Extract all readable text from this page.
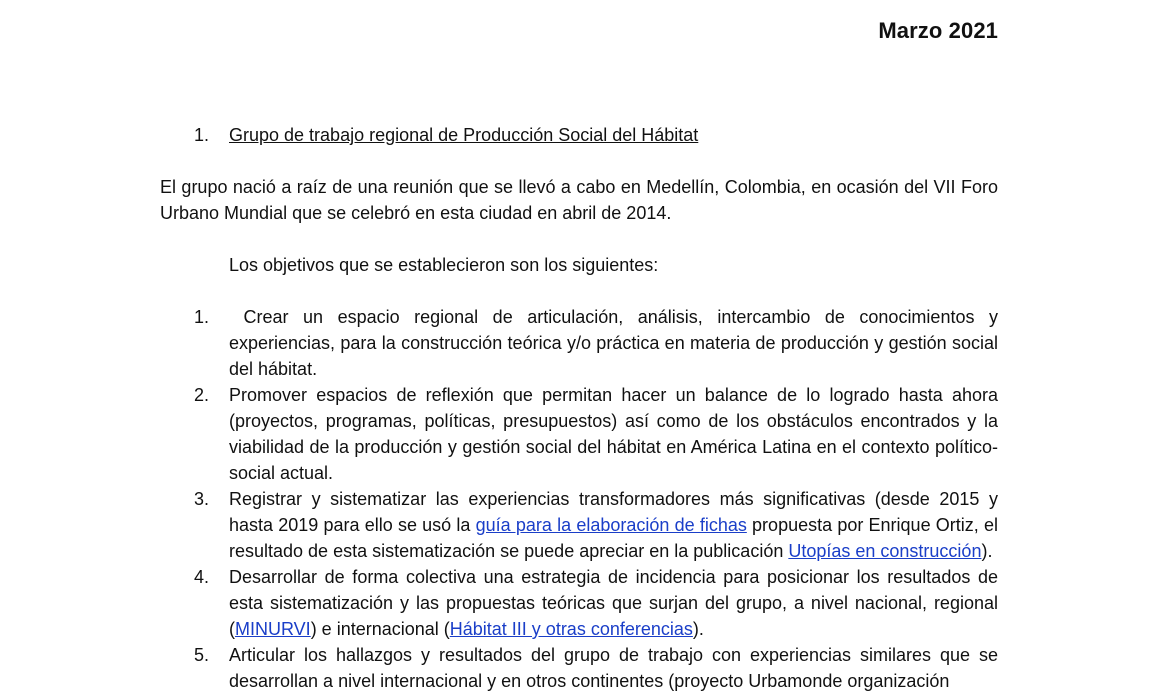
Marzo 2021
1.	Grupo de trabajo regional de Producción Social del Hábitat

El grupo nació a raíz de una reunión que se llevó a cabo en Medellín, Colombia, en ocasión del VII Foro Urbano Mundial que se celebró en esta ciudad en abril de 2014.

Los objetivos que se establecieron son los siguientes:

1.	Crear un espacio regional de articulación, análisis, intercambio de conocimientos y experiencias, para la construcción teórica y/o práctica en materia de producción y gestión social del hábitat.
2.	Promover espacios de reflexión que permitan hacer un balance de lo logrado hasta ahora (proyectos, programas, políticas, presupuestos) así como de los obstáculos encontrados y la viabilidad de la producción y gestión social del hábitat en América Latina en el contexto político-social actual.
3.	Registrar y sistematizar las experiencias transformadores más significativas (desde 2015 y hasta 2019 para ello se usó la guía para la elaboración de fichas propuesta por Enrique Ortiz, el resultado de esta sistematización se puede apreciar en la publicación Utopías en construcción).
4.	Desarrollar de forma colectiva una estrategia de incidencia para posicionar los resultados de esta sistematización y las propuestas teóricas que surjan del grupo, a nivel nacional, regional (MINURVI) e internacional (Hábitat III y otras conferencias).
5.	Articular los hallazgos y resultados del grupo de trabajo con experiencias similares que se desarrollan a nivel internacional y en otros continentes (proyecto Urbamonde organización
